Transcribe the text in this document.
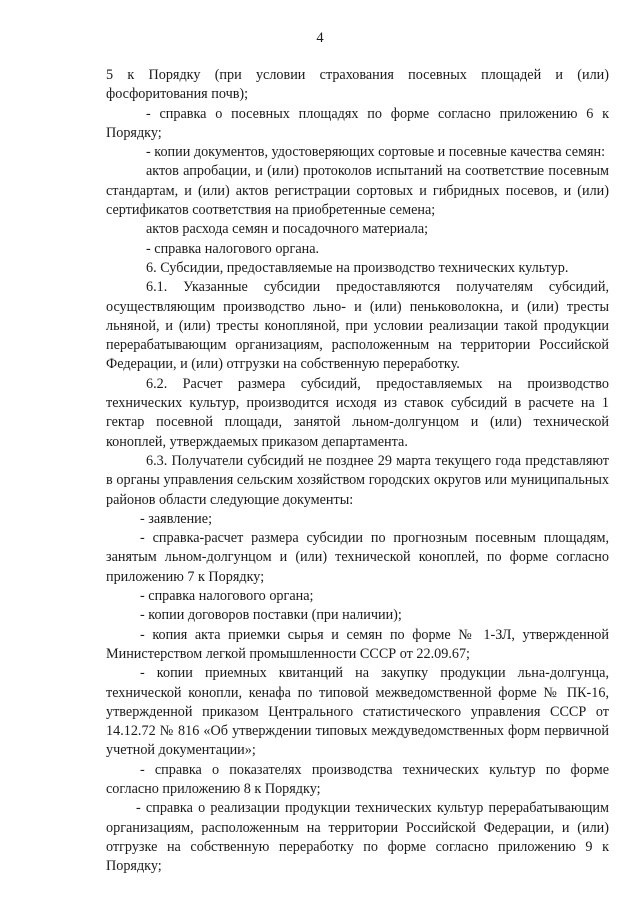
4

5 к Порядку (при условии страхования посевных площадей и (или) фосфоритования почв);

- справка о посевных площадях по форме согласно приложению 6 к Порядку;

- копии документов, удостоверяющих сортовые и посевные качества семян:

актов апробации, и (или) протоколов испытаний на соответствие посевным стандартам, и (или) актов регистрации сортовых и гибридных посевов, и (или) сертификатов соответствия на приобретенные семена;

актов расхода семян и посадочного материала;

- справка налогового органа.

6. Субсидии, предоставляемые на производство технических культур.

6.1. Указанные субсидии предоставляются получателям субсидий, осуществляющим производство льно- и (или) пеньковолокна, и (или) тресты льняной, и (или) тресты конопляной, при условии реализации такой продукции перерабатывающим организациям, расположенным на территории Российской Федерации, и (или) отгрузки на собственную переработку.

6.2. Расчет размера субсидий, предоставляемых на производство технических культур, производится исходя из ставок субсидий в расчете на 1 гектар посевной площади, занятой льном-долгунцом и (или) технической коноплей, утверждаемых приказом департамента.

6.3. Получатели субсидий не позднее 29 марта текущего года представляют в органы управления сельским хозяйством городских округов или муниципальных районов области следующие документы:

- заявление;

- справка-расчет размера субсидии по прогнозным посевным площадям, занятым льном-долгунцом и (или) технической коноплей, по форме согласно приложению 7 к Порядку;

- справка налогового органа;

- копии договоров поставки (при наличии);

- копия акта приемки сырья и семян по форме № 1-ЗЛ, утвержденной Министерством легкой промышленности СССР от 22.09.67;

- копии приемных квитанций на закупку продукции льна-долгунца, технической конопли, кенафа по типовой межведомственной форме № ПК-16, утвержденной приказом Центрального статистического управления СССР от 14.12.72 № 816 «Об утверждении типовых междуведомственных форм первичной учетной документации»;

- справка о показателях производства технических культур по форме согласно приложению 8 к Порядку;

- справка о реализации продукции технических культур перерабатывающим организациям, расположенным на территории Российской Федерации, и (или) отгрузке на собственную переработку по форме согласно приложению 9 к Порядку;
